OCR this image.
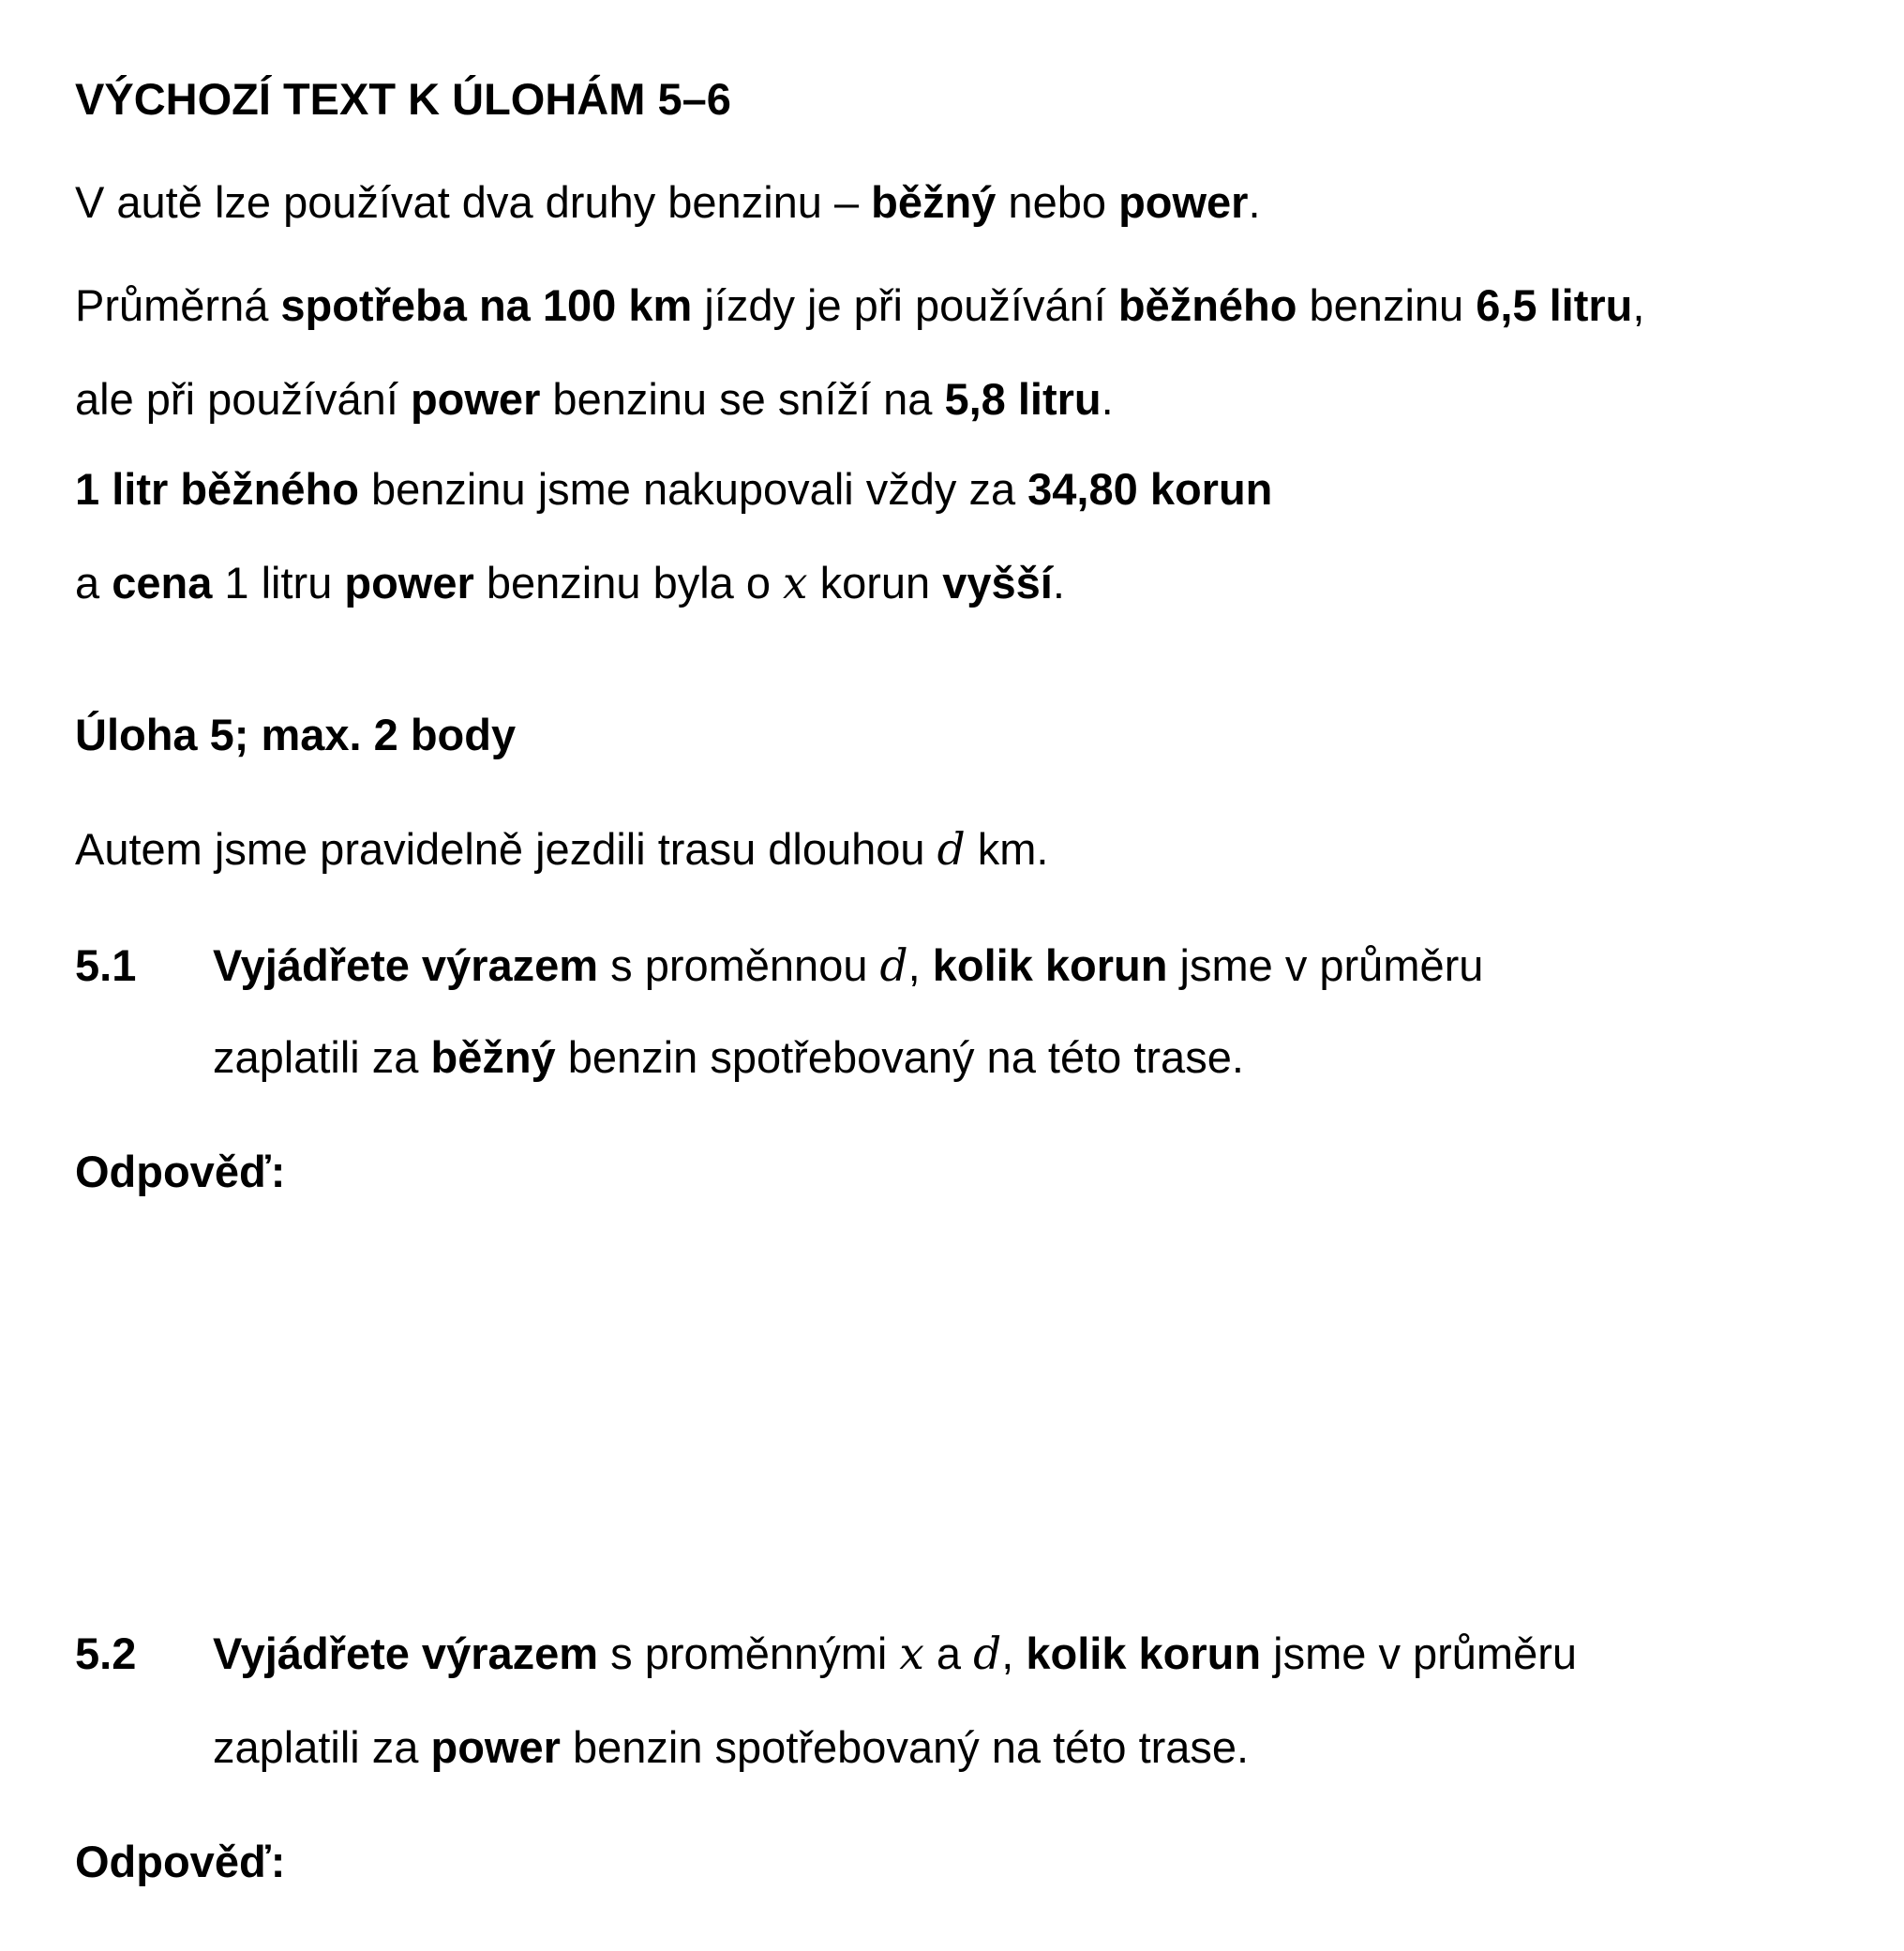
VÝCHOZÍ TEXT K ÚLOHÁM 5–6
V autě lze používat dva druhy benzinu – běžný nebo power.
Průměrná spotřeba na 100 km jízdy je při používání běžného benzinu 6,5 litru,
ale při používání power benzinu se sníží na 5,8 litru.
1 litr běžného benzinu jsme nakupovali vždy za 34,80 korun
a cena 1 litru power benzinu byla o x korun vyšší.
Úloha 5; max. 2 body
Autem jsme pravidelně jezdili trasu dlouhou d km.
5.1 Vyjádřete výrazem s proměnnou d, kolik korun jsme v průměru
zaplatili za běžný benzin spotřebovaný na této trase.
Odpověď:
5.2 Vyjádřete výrazem s proměnnými x a d, kolik korun jsme v průměru
zaplatili za power benzin spotřebovaný na této trase.
Odpověď:
